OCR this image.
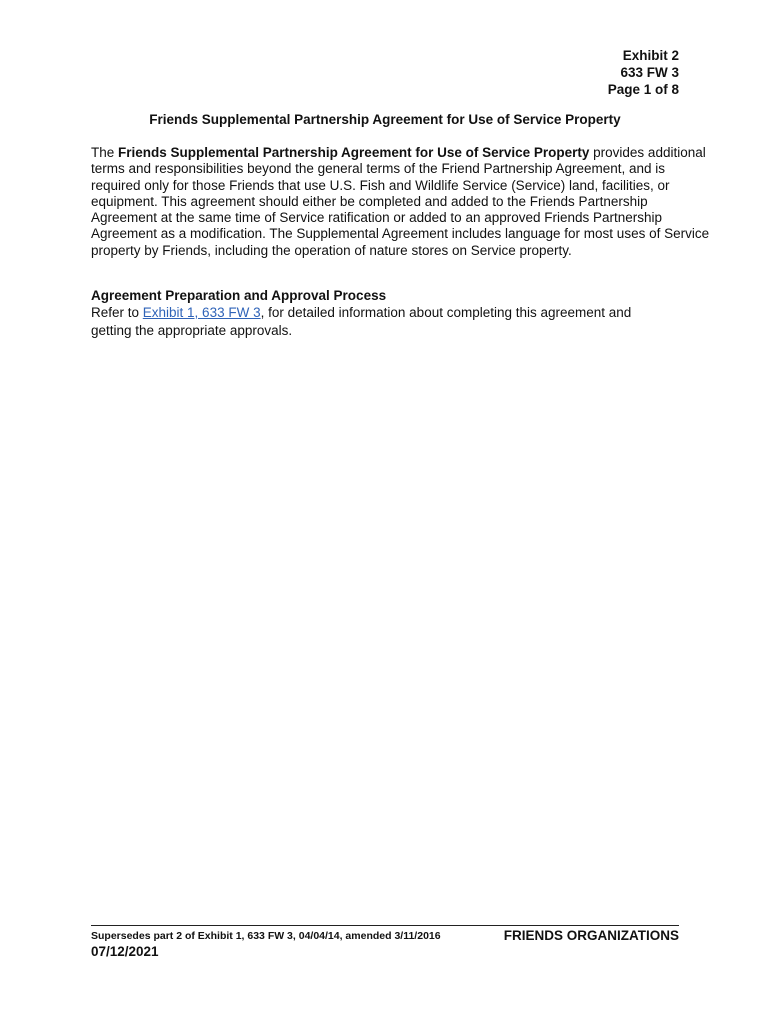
Exhibit 2
633 FW 3
Page 1 of 8
Friends Supplemental Partnership Agreement for Use of Service Property

The Friends Supplemental Partnership Agreement for Use of Service Property provides additional terms and responsibilities beyond the general terms of the Friend Partnership Agreement, and is required only for those Friends that use U.S. Fish and Wildlife Service (Service) land, facilities, or equipment. This agreement should either be completed and added to the Friends Partnership Agreement at the same time of Service ratification or added to an approved Friends Partnership Agreement as a modification. The Supplemental Agreement includes language for most uses of Service property by Friends, including the operation of nature stores on Service property.

Agreement Preparation and Approval Process

Refer to Exhibit 1, 633 FW 3, for detailed information about completing this agreement and getting the appropriate approvals.

Supersedes part 2 of Exhibit 1, 633 FW 3, 04/04/14, amended 3/11/2016	FRIENDS ORGANIZATIONS
07/12/2021
